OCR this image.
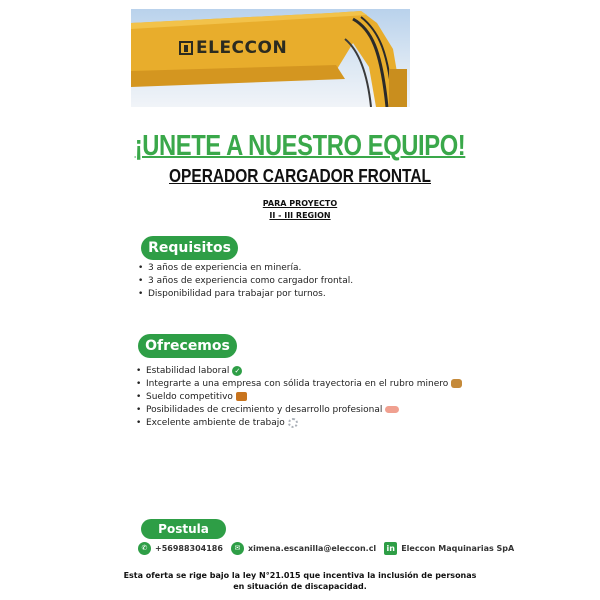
ELECCON
¡UNETE A NUESTRO EQUIPO!
OPERADOR CARGADOR FRONTAL
PARA PROYECTO
II - III REGION
Requisitos
• 3 años de experiencia en minería.
• 3 años de experiencia como cargador frontal.
• Disponibilidad para trabajar por turnos.
Ofrecemos
• Estabilidad laboral ✓
• Integrarte a una empresa con sólida trayectoria en el rubro minero
• Sueldo competitivo
• Posibilidades de crecimiento y desarrollo profesional
• Excelente ambiente de trabajo
Postula
✆ +56988304186	✉ ximena.escanilla@eleccon.cl in Eleccon Maquinarias SpA
Esta oferta se rige bajo la ley N°21.015 que incentiva la inclusión de personas
en situación de discapacidad.
